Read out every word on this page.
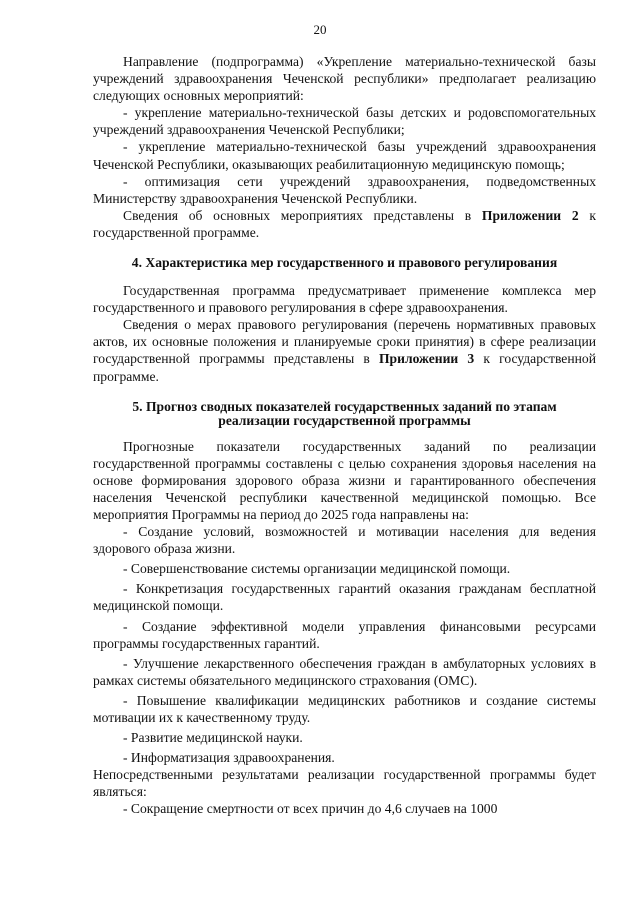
20

Направление (подпрограмма) «Укрепление материально-технической базы учреждений здравоохранения Чеченской республики» предполагает реализацию следующих основных мероприятий:

- укрепление материально-технической базы детских и родовспомогательных учреждений здравоохранения Чеченской Республики;

- укрепление материально-технической базы учреждений здравоохранения Чеченской Республики, оказывающих реабилитационную медицинскую помощь;

- оптимизация сети учреждений здравоохранения, подведомственных Министерству здравоохранения Чеченской Республики.

Сведения об основных мероприятиях представлены в Приложении 2 к государственной программе.

4. Характеристика мер государственного и правового регулирования

Государственная программа предусматривает применение комплекса мер государственного и правового регулирования в сфере здравоохранения.

Сведения о мерах правового регулирования (перечень нормативных правовых актов, их основные положения и планируемые сроки принятия) в сфере реализации государственной программы представлены в Приложении 3 к государственной программе.

5. Прогноз сводных показателей государственных заданий по этапам
реализации государственной программы

Прогнозные показатели государственных заданий по реализации государственной программы составлены с целью сохранения здоровья населения на основе формирования здорового образа жизни и гарантированного обеспечения населения Чеченской республики качественной медицинской помощью. Все мероприятия Программы на период до 2025 года направлены на:

- Создание условий, возможностей и мотивации населения для ведения здорового образа жизни.

- Совершенствование системы организации медицинской помощи.

- Конкретизация государственных гарантий оказания гражданам бесплатной медицинской помощи.

- Создание эффективной модели управления финансовыми ресурсами программы государственных гарантий.

- Улучшение лекарственного обеспечения граждан в амбулаторных условиях в рамках системы обязательного медицинского страхования (ОМС).

- Повышение квалификации медицинских работников и создание системы мотивации их к качественному труду.

- Развитие медицинской науки.

- Информатизация здравоохранения.

Непосредственными результатами реализации государственной программы будет являться:

- Сокращение смертности от всех причин до 4,6 случаев на 1000
